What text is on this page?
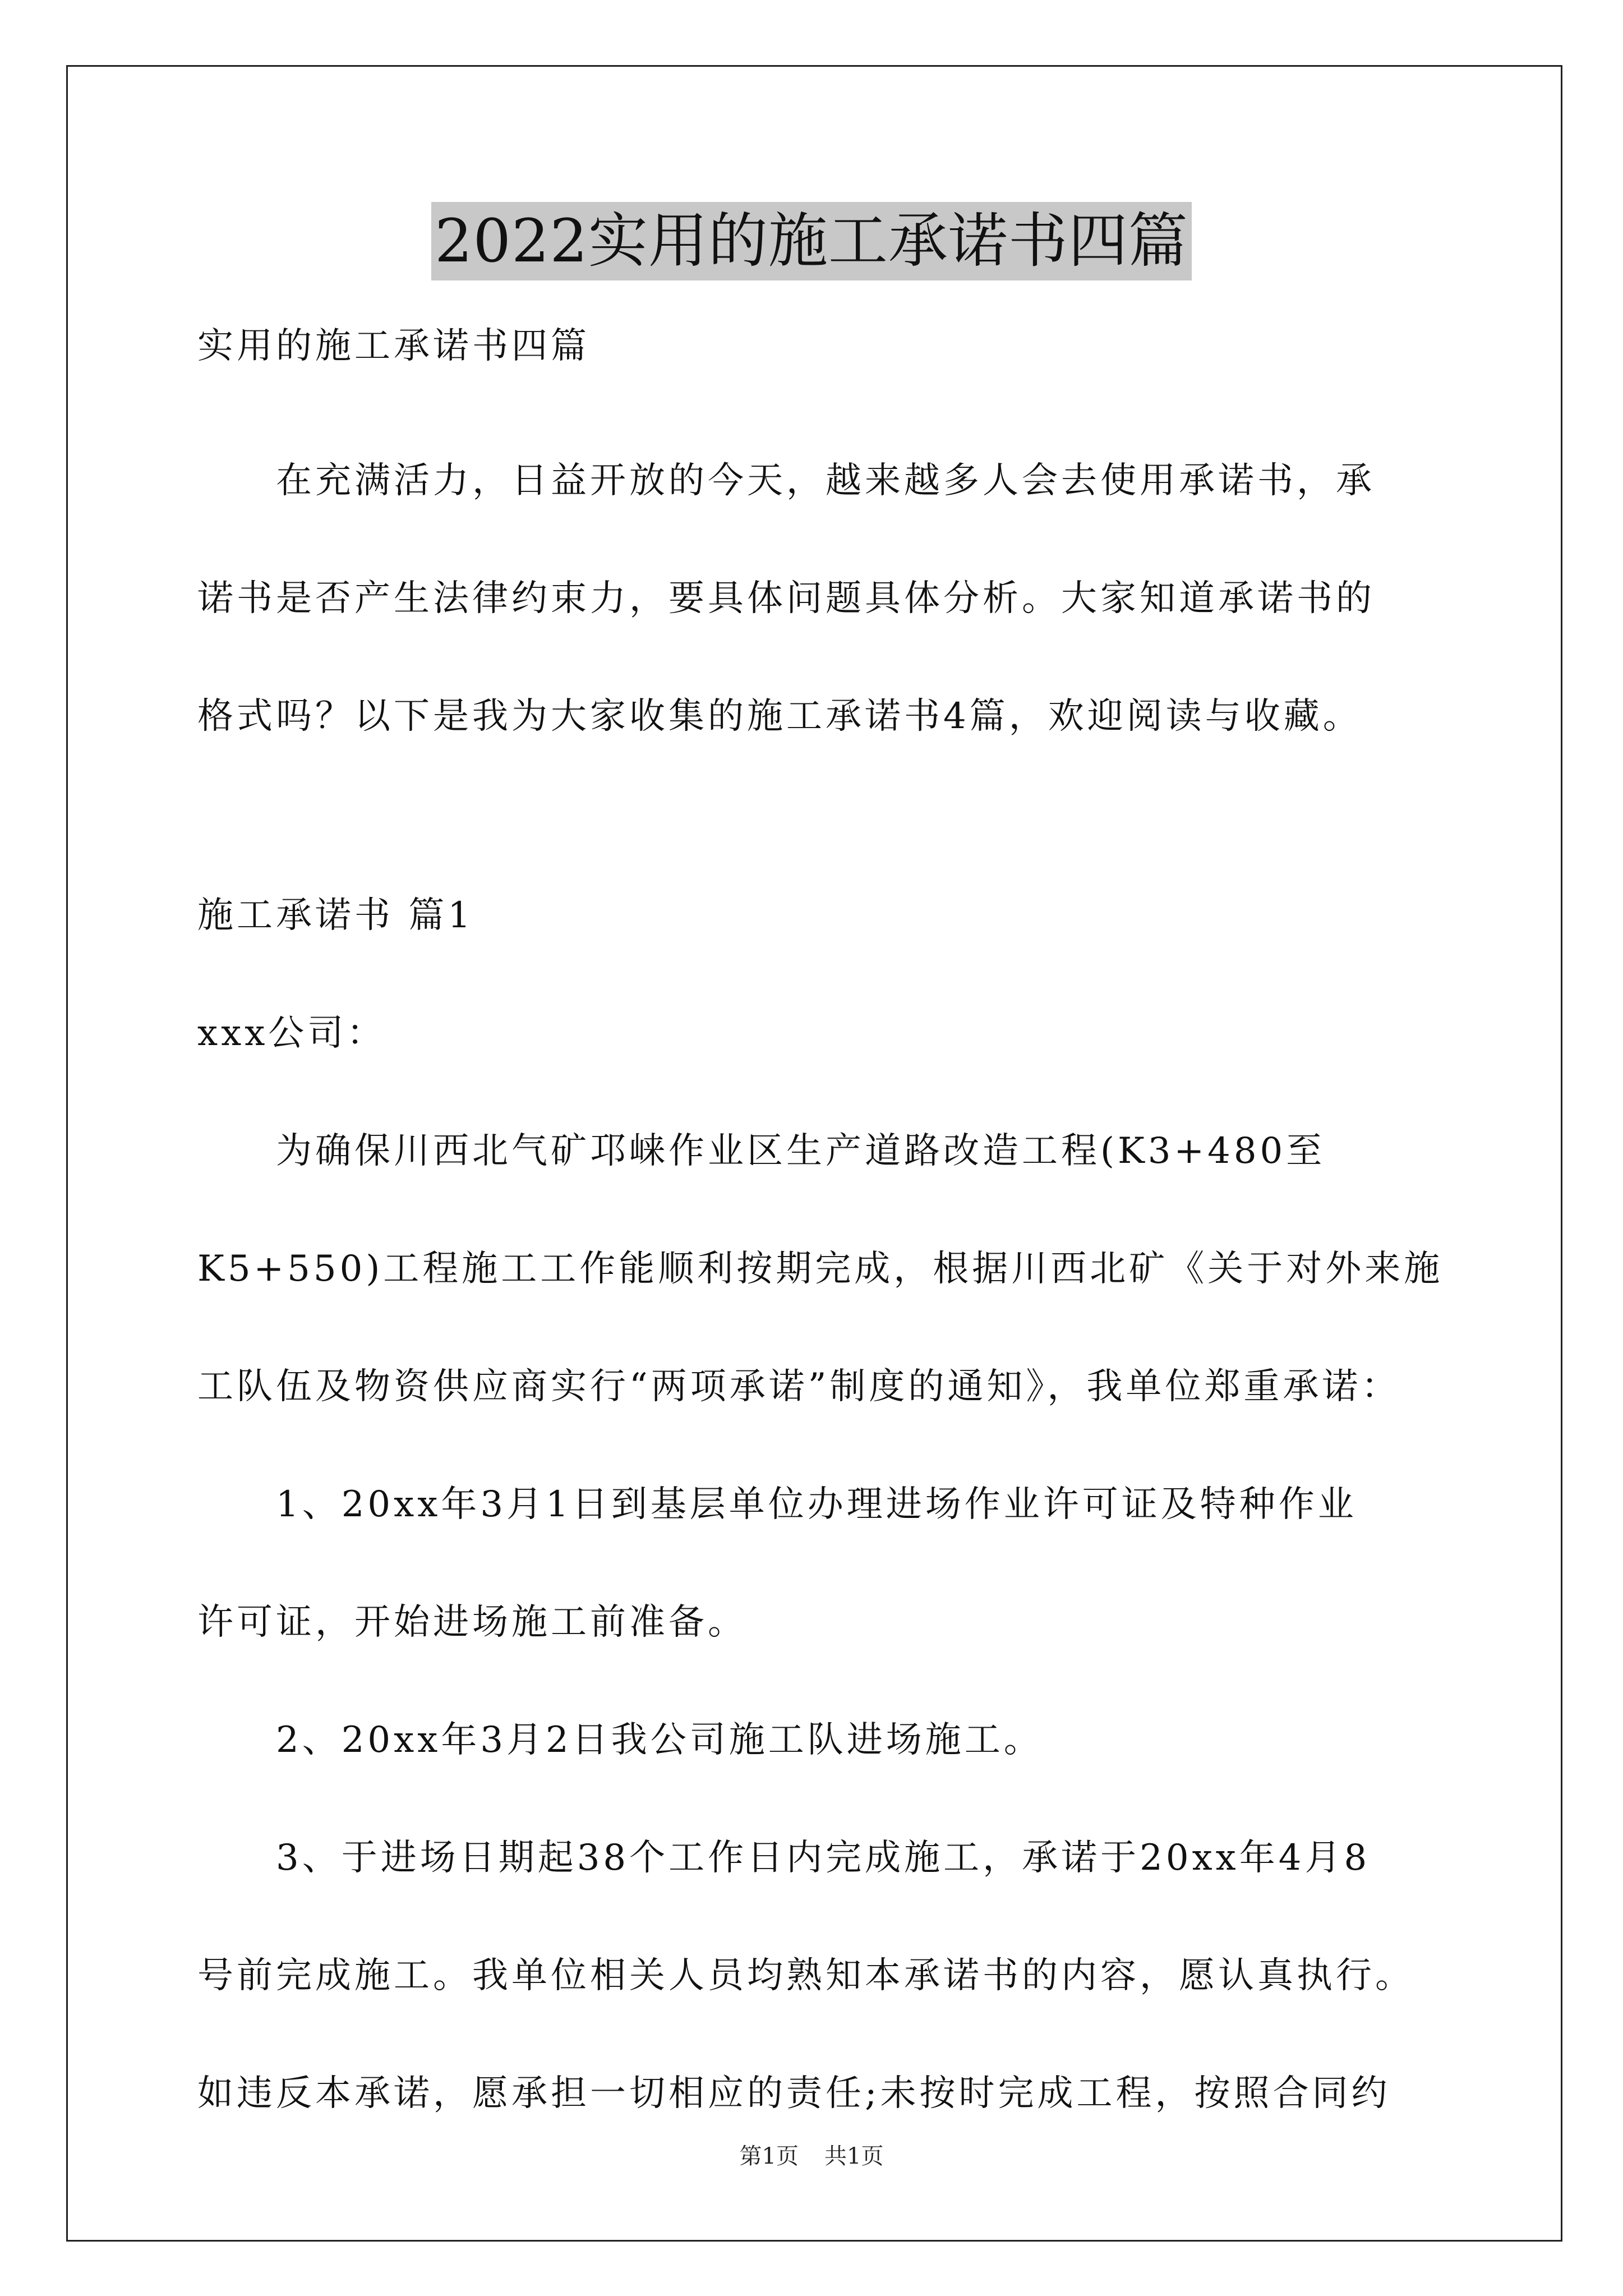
2022实用的施工承诺书四篇
实用的施工承诺书四篇
　　在充满活力，日益开放的今天，越来越多人会去使用承诺书，承
诺书是否产生法律约束力，要具体问题具体分析。大家知道承诺书的
格式吗？以下是我为大家收集的施工承诺书4篇，欢迎阅读与收藏。
施工承诺书 篇1
xxx公司：
　　为确保川西北气矿邛崃作业区生产道路改造工程(K3+480至
K5+550)工程施工工作能顺利按期完成，根据川西北矿《关于对外来施
工队伍及物资供应商实行“两项承诺”制度的通知》，我单位郑重承诺：
　　1、20xx年3月1日到基层单位办理进场作业许可证及特种作业
许可证，开始进场施工前准备。
　　2、20xx年3月2日我公司施工队进场施工。
　　3、于进场日期起38个工作日内完成施工，承诺于20xx年4月8
号前完成施工。我单位相关人员均熟知本承诺书的内容，愿认真执行。
如违反本承诺，愿承担一切相应的责任;未按时完成工程，按照合同约
第1页 共1页
